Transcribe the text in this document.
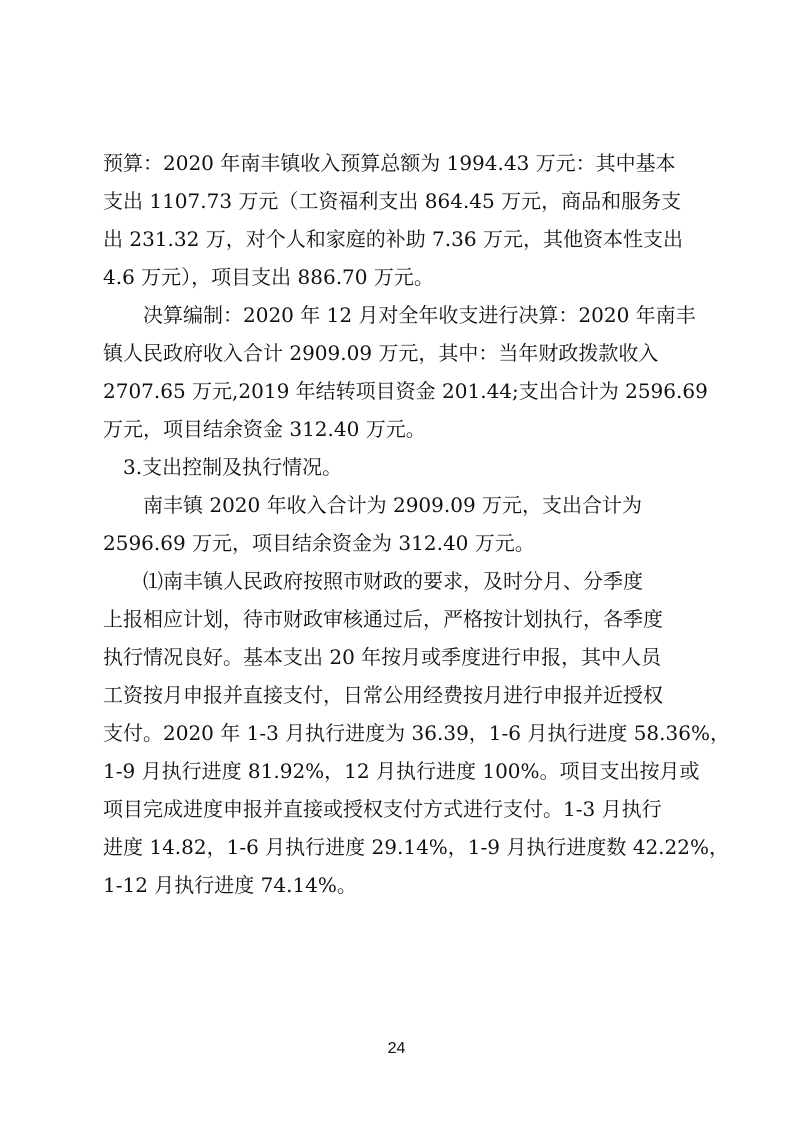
预算：2020 年南丰镇收入预算总额为 1994.43 万元：其中基本
支出 1107.73 万元（工资福利支出 864.45 万元，商品和服务支
出 231.32 万，对个人和家庭的补助 7.36 万元，其他资本性支出
4.6 万元），项目支出 886.70 万元。
决算编制：2020 年 12 月对全年收支进行决算：2020 年南丰
镇人民政府收入合计 2909.09 万元，其中：当年财政拨款收入
2707.65 万元,2019 年结转项目资金 201.44;支出合计为 2596.69
万元，项目结余资金 312.40 万元。
3.支出控制及执行情况。
南丰镇 2020 年收入合计为 2909.09 万元，支出合计为
2596.69 万元，项目结余资金为 312.40 万元。
⑴南丰镇人民政府按照市财政的要求，及时分月、分季度
上报相应计划，待市财政审核通过后，严格按计划执行，各季度
执行情况良好。基本支出 20 年按月或季度进行申报，其中人员
工资按月申报并直接支付，日常公用经费按月进行申报并近授权
支付。2020 年 1-3 月执行进度为 36.39，1-6 月执行进度 58.36%，
1-9 月执行进度 81.92%，12 月执行进度 100%。项目支出按月或
项目完成进度申报并直接或授权支付方式进行支付。1-3 月执行
进度 14.82，1-6 月执行进度 29.14%，1-9 月执行进度数 42.22%，
1-12 月执行进度 74.14%。
24
